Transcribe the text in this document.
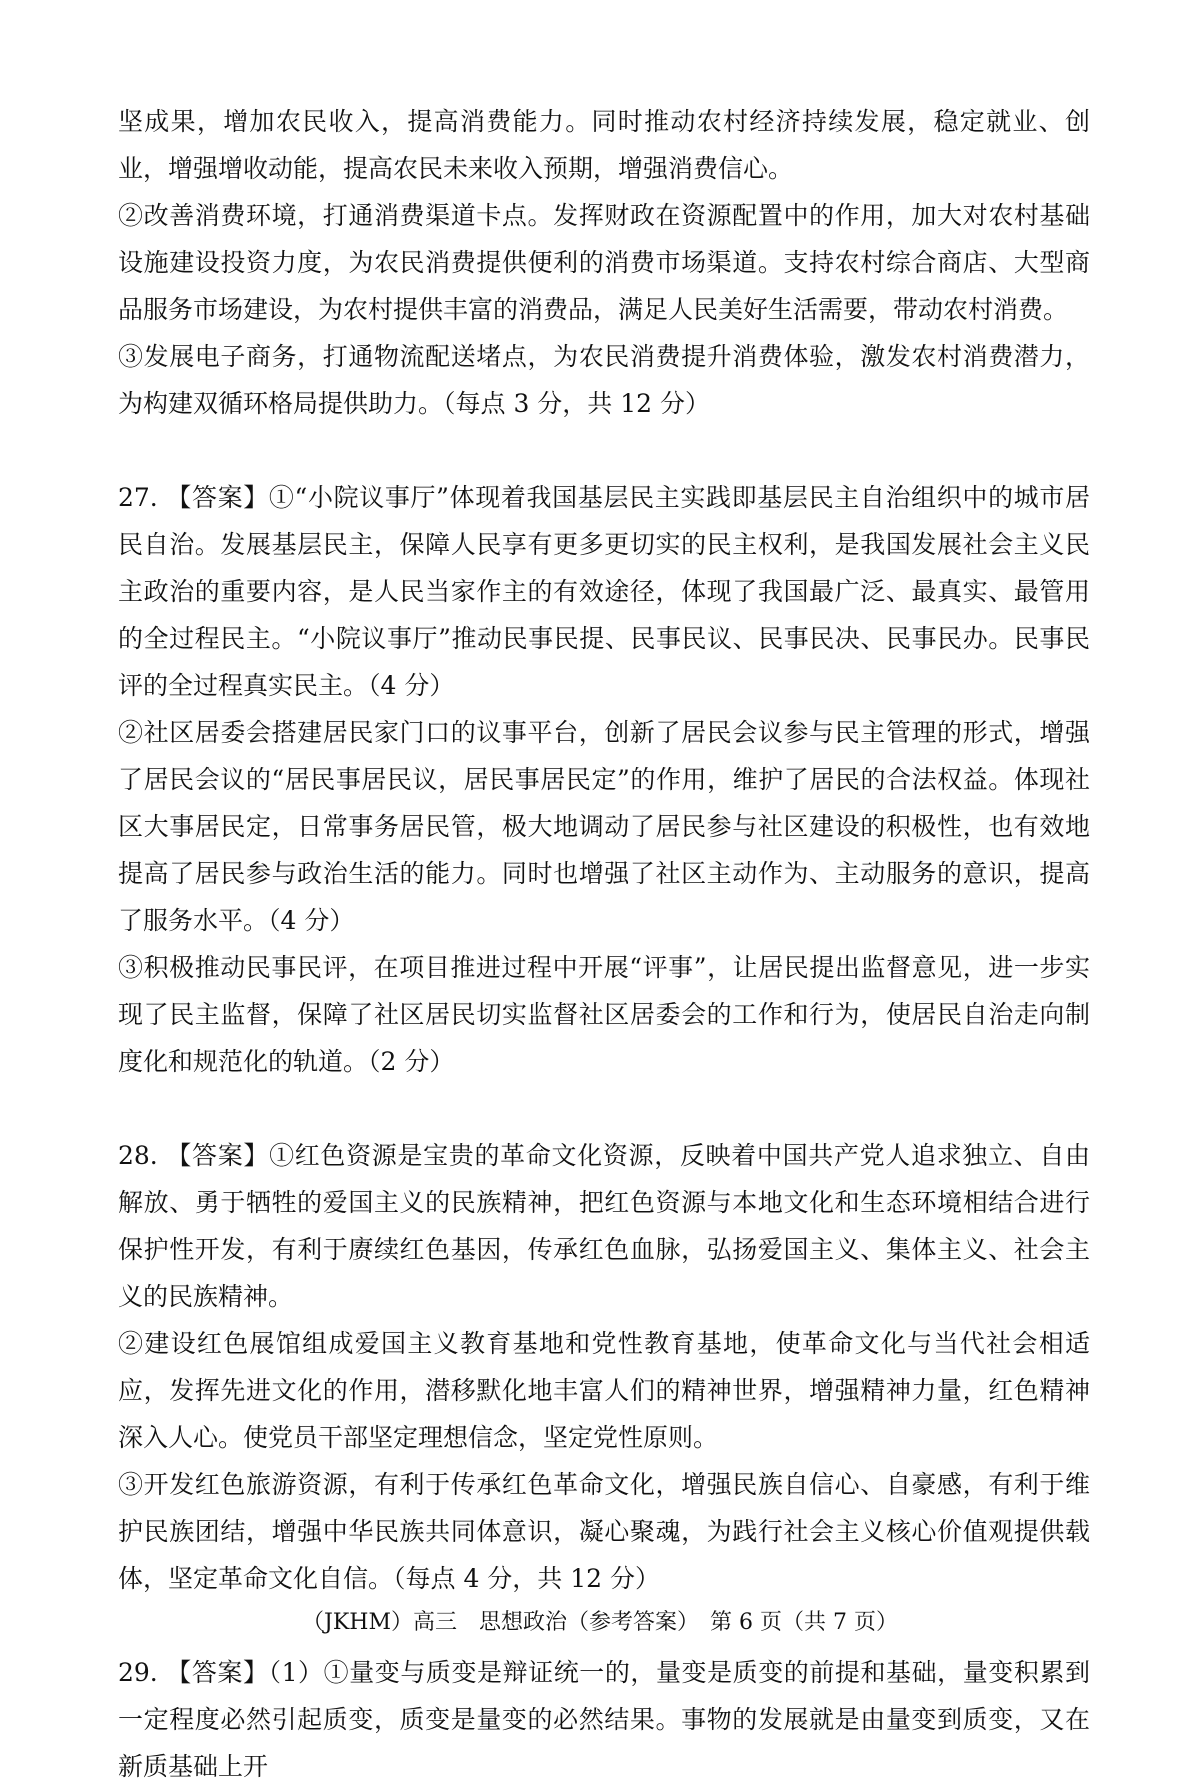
坚成果，增加农民收入，提高消费能力。同时推动农村经济持续发展，稳定就业、创业，增强增收动能，提高农民未来收入预期，增强消费信心。

②改善消费环境，打通消费渠道卡点。发挥财政在资源配置中的作用，加大对农村基础设施建设投资力度，为农民消费提供便利的消费市场渠道。支持农村综合商店、大型商品服务市场建设，为农村提供丰富的消费品，满足人民美好生活需要，带动农村消费。

③发展电子商务，打通物流配送堵点，为农民消费提升消费体验，激发农村消费潜力，为构建双循环格局提供助力。（每点 3 分，共 12 分）

27. 【答案】①“小院议事厅”体现着我国基层民主实践即基层民主自治组织中的城市居民自治。发展基层民主，保障人民享有更多更切实的民主权利，是我国发展社会主义民主政治的重要内容，是人民当家作主的有效途径，体现了我国最广泛、最真实、最管用的全过程民主。“小院议事厅”推动民事民提、民事民议、民事民决、民事民办。民事民评的全过程真实民主。（4 分）

②社区居委会搭建居民家门口的议事平台，创新了居民会议参与民主管理的形式，增强了居民会议的“居民事居民议，居民事居民定”的作用，维护了居民的合法权益。体现社区大事居民定，日常事务居民管，极大地调动了居民参与社区建设的积极性，也有效地提高了居民参与政治生活的能力。同时也增强了社区主动作为、主动服务的意识，提高了服务水平。（4 分）

③积极推动民事民评，在项目推进过程中开展“评事”，让居民提出监督意见，进一步实现了民主监督，保障了社区居民切实监督社区居委会的工作和行为，使居民自治走向制度化和规范化的轨道。（2 分）

28. 【答案】①红色资源是宝贵的革命文化资源，反映着中国共产党人追求独立、自由解放、勇于牺牲的爱国主义的民族精神，把红色资源与本地文化和生态环境相结合进行保护性开发，有利于赓续红色基因，传承红色血脉，弘扬爱国主义、集体主义、社会主义的民族精神。

②建设红色展馆组成爱国主义教育基地和党性教育基地，使革命文化与当代社会相适应，发挥先进文化的作用，潜移默化地丰富人们的精神世界，增强精神力量，红色精神深入人心。使党员干部坚定理想信念，坚定党性原则。

③开发红色旅游资源，有利于传承红色革命文化，增强民族自信心、自豪感，有利于维护民族团结，增强中华民族共同体意识，凝心聚魂，为践行社会主义核心价值观提供载体，坚定革命文化自信。（每点 4 分，共 12 分）

29. 【答案】（1）①量变与质变是辩证统一的，量变是质变的前提和基础，量变积累到一定程度必然引起质变，质变是量变的必然结果。事物的发展就是由量变到质变，又在新质基础上开

（JKHM）高三　思想政治（参考答案）　第 6 页（共 7 页）
